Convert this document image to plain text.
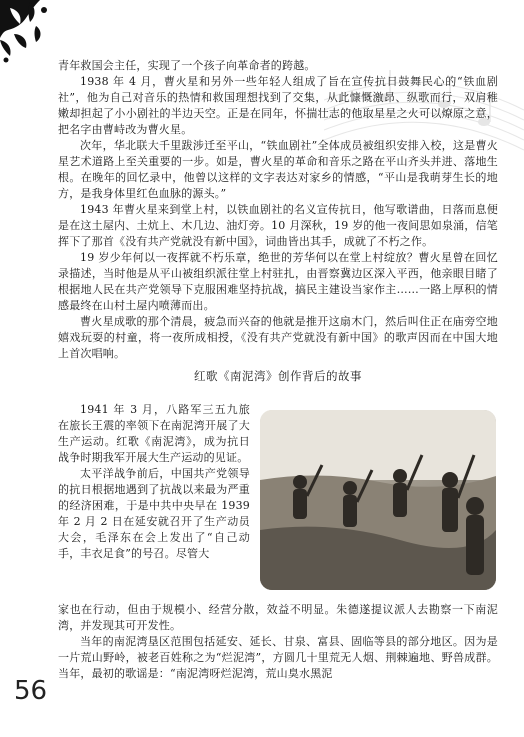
青年救国会主任，实现了一个孩子向革命者的跨越。

1938 年 4 月，曹火星和另外一些年轻人组成了旨在宣传抗日鼓舞民心的“铁血剧社”，他为自己对音乐的热情和救国理想找到了交集，从此慷慨激昂、纵歌而行，双肩稚嫩却担起了小小剧社的半边天空。正是在同年，怀揣壮志的他取星星之火可以燎原之意，把名字由曹峙改为曹火星。

次年，华北联大千里跋涉迁至平山，“铁血剧社”全体成员被组织安排入校，这是曹火星艺术道路上至关重要的一步。如是，曹火星的革命和音乐之路在平山齐头并进、落地生根。在晚年的回忆录中，他曾以这样的文字表达对家乡的情感，“平山是我萌芽生长的地方，是我身体里红色血脉的源头。”

1943 年曹火星来到堂上村，以铁血剧社的名义宣传抗日，他写歌谱曲，日落而息便是在这土屋内、土炕上、木几边、油灯旁。10 月深秋，19 岁的他一夜间思如泉涌，信笔挥下了那首《没有共产党就没有新中国》，词曲皆出其手，成就了不朽之作。

19 岁少年何以一夜挥就不朽乐章，绝世的芳华何以在堂上村绽放？曹火星曾在回忆录描述，当时他是从平山被组织派往堂上村驻扎，由晋察冀边区深入平西，他亲眼目睹了根据地人民在共产党领导下克服困难坚持抗战，搞民主建设当家作主……一路上厚积的情感最终在山村土屋内喷薄而出。

曹火星成歌的那个清晨，疲急而兴奋的他就是推开这扇木门，然后叫住正在庙旁空地嬉戏玩耍的村童，将一夜所成相授，《没有共产党就没有新中国》的歌声因而在中国大地上首次唱响。

红歌《南泥湾》创作背后的故事

1941 年 3 月，八路军三五九旅在旅长王震的率领下在南泥湾开展了大生产运动。红歌《南泥湾》，成为抗日战争时期我军开展大生产运动的见证。

太平洋战争前后，中国共产党领导的抗日根据地遇到了抗战以来最为严重的经济困难，于是中共中央早在 1939 年 2 月 2 日在延安就召开了生产动员大会，毛泽东在会上发出了“自己动手，丰衣足食”的号召。尽管大

家也在行动，但由于规模小、经营分散，效益不明显。朱德遂提议派人去勘察一下南泥湾，并发现其可开发性。

当年的南泥湾垦区范围包括延安、延长、甘泉、富县、固临等县的部分地区。因为是一片荒山野岭，被老百姓称之为“烂泥湾”，方圆几十里荒无人烟、荆棘遍地、野兽成群。当年，最初的歌谣是：“南泥湾呀烂泥湾，荒山臭水黑泥

56
